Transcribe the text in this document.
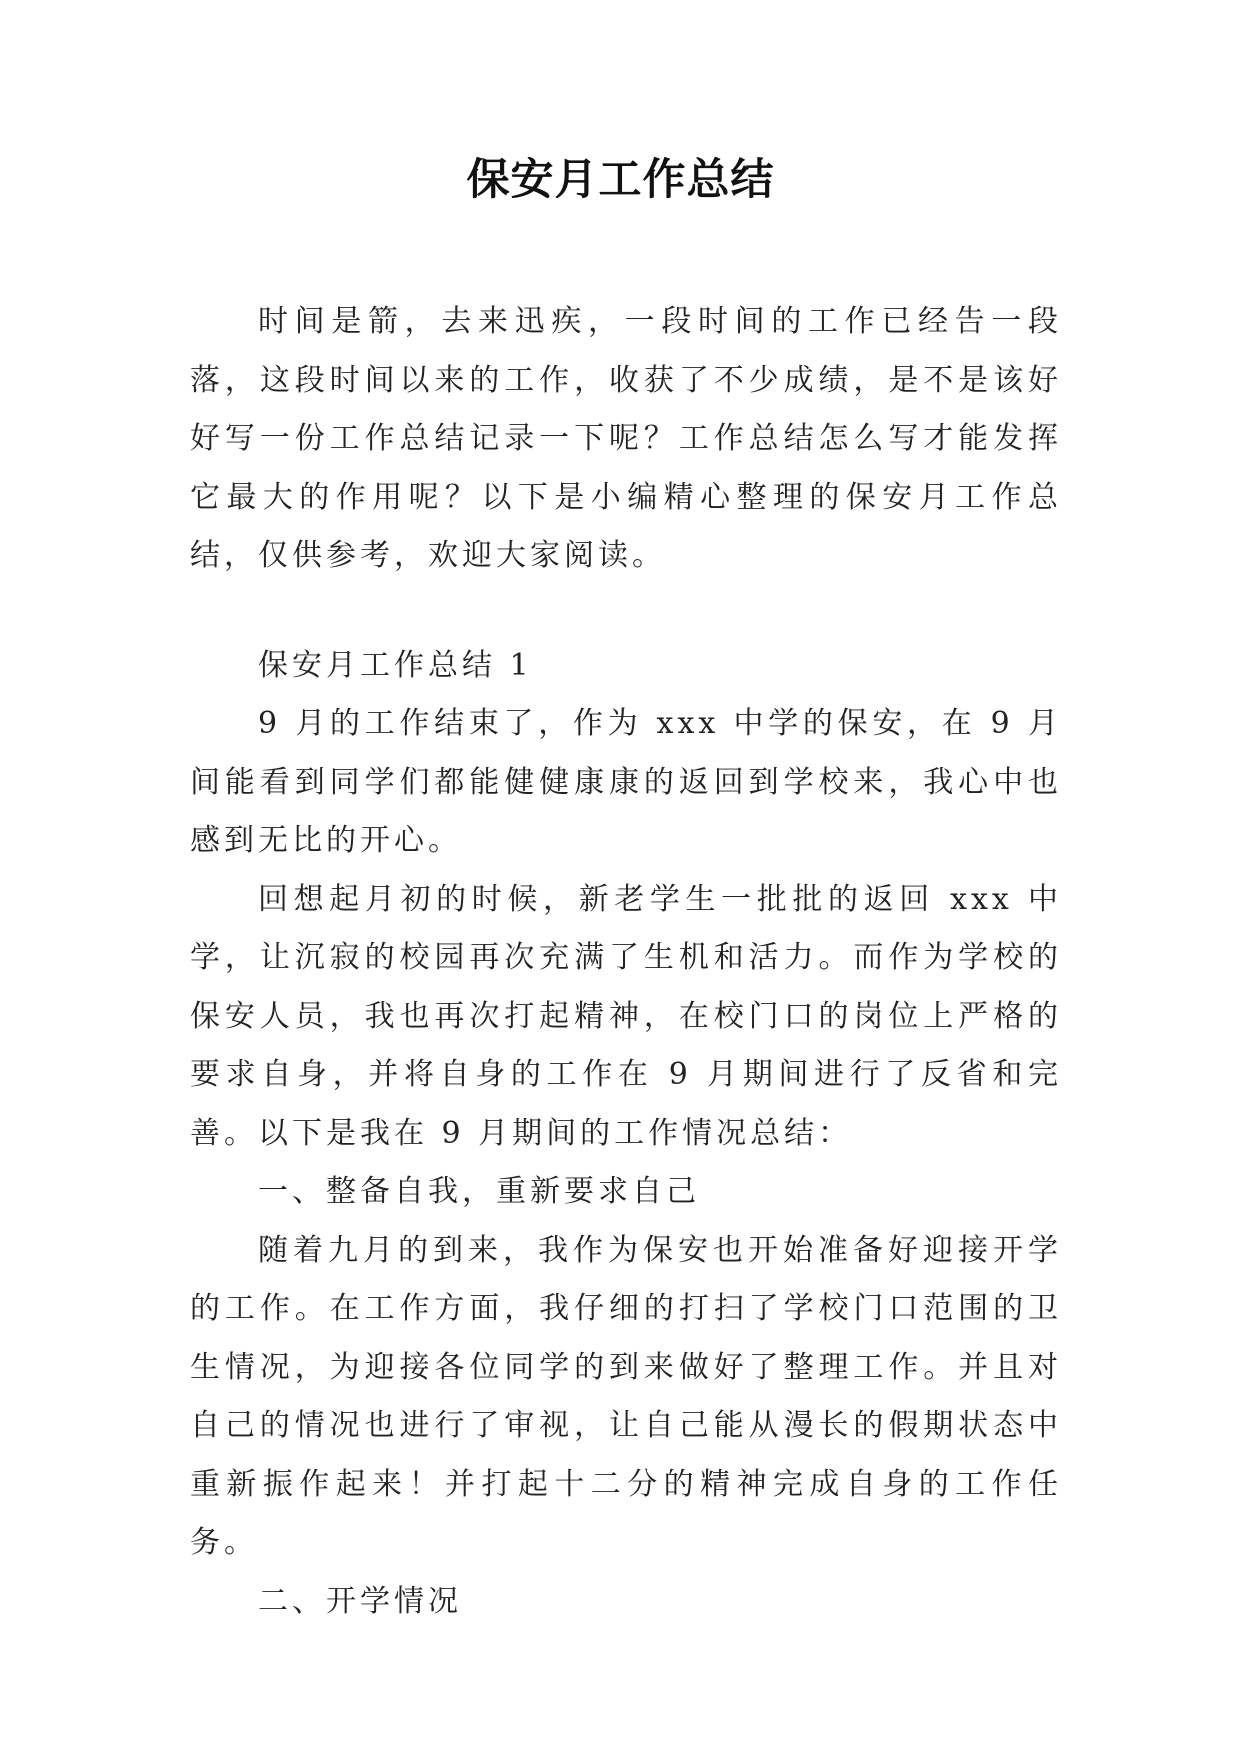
保安月工作总结

时间是箭，去来迅疾，一段时间的工作已经告一段落，这段时间以来的工作，收获了不少成绩，是不是该好好写一份工作总结记录一下呢？工作总结怎么写才能发挥它最大的作用呢？以下是小编精心整理的保安月工作总结，仅供参考，欢迎大家阅读。

保安月工作总结 1

9 月的工作结束了，作为 xxx 中学的保安，在 9 月间能看到同学们都能健健康康的返回到学校来，我心中也感到无比的开心。

回想起月初的时候，新老学生一批批的返回 xxx 中学，让沉寂的校园再次充满了生机和活力。而作为学校的保安人员，我也再次打起精神，在校门口的岗位上严格的要求自身，并将自身的工作在 9 月期间进行了反省和完善。以下是我在 9 月期间的工作情况总结：

一、整备自我，重新要求自己

随着九月的到来，我作为保安也开始准备好迎接开学的工作。在工作方面，我仔细的打扫了学校门口范围的卫生情况，为迎接各位同学的到来做好了整理工作。并且对自己的情况也进行了审视，让自己能从漫长的假期状态中重新振作起来！并打起十二分的精神完成自身的工作任务。

二、开学情况
